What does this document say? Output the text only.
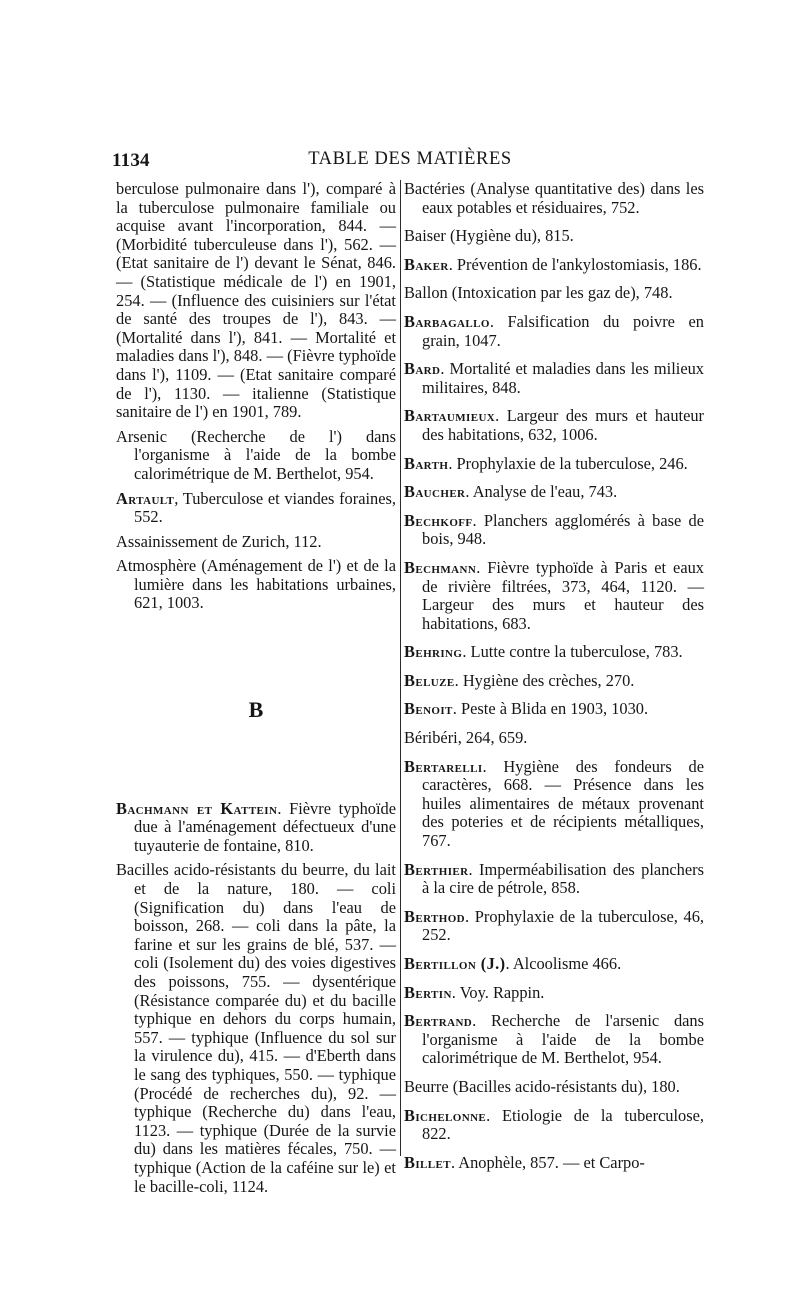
1134	TABLE DES MATIÈRES

berculose pulmonaire dans l'), comparé à la tuberculose pulmonaire familiale ou acquise avant l'incorporation, 844. — (Morbidité tuberculeuse dans l'), 562. — (Etat sanitaire de l') devant le Sénat, 846. — (Statistique médicale de l') en 1901, 254. — (Influence des cuisiniers sur l'état de santé des troupes de l'), 843. — (Mortalité dans l'), 841. — Mortalité et maladies dans l'), 848. — (Fièvre typhoïde dans l'), 1109. — (Etat sanitaire comparé de l'), 1130. — italienne (Statistique sanitaire de l') en 1901, 789.

Arsenic (Recherche de l') dans l'organisme à l'aide de la bombe calorimétrique de M. Berthelot, 954.

Artault, Tuberculose et viandes foraines, 552.

Assainissement de Zurich, 112.

Atmosphère (Aménagement de l') et de la lumière dans les habitations urbaines, 621, 1003.

B

Bachmann et Kattein. Fièvre typhoïde due à l'aménagement défectueux d'une tuyauterie de fontaine, 810.

Bacilles acido-résistants du beurre, du lait et de la nature, 180. — coli (Signification du) dans l'eau de boisson, 268. — coli dans la pâte, la farine et sur les grains de blé, 537. — coli (Isolement du) des voies digestives des poissons, 755. — dysentérique (Résistance comparée du) et du bacille typhique en dehors du corps humain, 557. — typhique (Influence du sol sur la virulence du), 415. — d'Eberth dans le sang des typhiques, 550. — typhique (Procédé de recherches du), 92. — typhique (Recherche du) dans l'eau, 1123. — typhique (Durée de la survie du) dans les matières fécales, 750. — typhique (Action de la caféine sur le) et le bacille-coli, 1124.

Bactéries (Analyse quantitative des) dans les eaux potables et résiduaires, 752.

Baiser (Hygiène du), 815.

Baker. Prévention de l'ankylostomiasis, 186.

Ballon (Intoxication par les gaz de), 748.

Barbagallo. Falsification du poivre en grain, 1047.

Bard. Mortalité et maladies dans les milieux militaires, 848.

Bartaumieux. Largeur des murs et hauteur des habitations, 632, 1006.

Barth. Prophylaxie de la tuberculose, 246.

Baucher. Analyse de l'eau, 743.

Bechkoff. Planchers agglomérés à base de bois, 948.

Bechmann. Fièvre typhoïde à Paris et eaux de rivière filtrées, 373, 464, 1120. — Largeur des murs et hauteur des habitations, 683.

Behring. Lutte contre la tuberculose, 783.

Beluze. Hygiène des crèches, 270.

Benoit. Peste à Blida en 1903, 1030.

Béribéri, 264, 659.

Bertarelli. Hygiène des fondeurs de caractères, 668. — Présence dans les huiles alimentaires de métaux provenant des poteries et de récipients métalliques, 767.

Berthier. Imperméabilisation des planchers à la cire de pétrole, 858.

Berthod. Prophylaxie de la tuberculose, 46, 252.

Bertillon (J.). Alcoolisme 466.

Bertin. Voy. Rappin.

Bertrand. Recherche de l'arsenic dans l'organisme à l'aide de la bombe calorimétrique de M. Berthelot, 954.

Beurre (Bacilles acido-résistants du), 180.

Bichelonne. Etiologie de la tuberculose, 822.

Billet. Anophèle, 857. — et Carpo-
